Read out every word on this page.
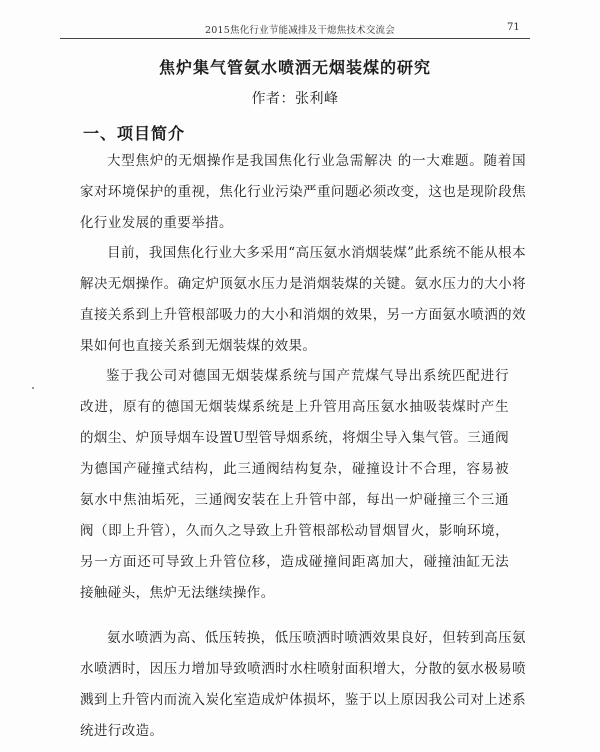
2015焦化行业节能减排及干熄焦技术交流会	71
焦炉集气管氨水喷洒无烟装煤的研究
作者：张利峰
一、项目简介

大型焦炉的无烟操作是我国焦化行业急需解决 的一大难题。随着国家对环境保护的重视，焦化行业污染严重问题必须改变，这也是现阶段焦化行业发展的重要举措。

目前，我国焦化行业大多采用“高压氨水消烟装煤”此系统不能从根本解决无烟操作。确定炉顶氨水压力是消烟装煤的关键。氨水压力的大小将直接关系到上升管根部吸力的大小和消烟的效果，另一方面氨水喷洒的效果如何也直接关系到无烟装煤的效果。

鉴于我公司对德国无烟装煤系统与国产荒煤气导出系统匹配进行改进，原有的德国无烟装煤系统是上升管用高压氨水抽吸装煤时产生的烟尘、炉顶导烟车设置U型管导烟系统，将烟尘导入集气管。三通阀为德国产碰撞式结构，此三通阀结构复杂，碰撞设计不合理，容易被氨水中焦油垢死，三通阀安装在上升管中部，每出一炉碰撞三个三通阀（即上升管），久而久之导致上升管根部松动冒烟冒火，影响环境，另一方面还可导致上升管位移，造成碰撞间距离加大，碰撞油缸无法接触碰头，焦炉无法继续操作。

氨水喷洒为高、低压转换，低压喷洒时喷洒效果良好，但转到高压氨水喷洒时，因压力增加导致喷洒时水柱喷射面积增大，分散的氨水极易喷溅到上升管内而流入炭化室造成炉体损坏，鉴于以上原因我公司对上述系统进行改造。
